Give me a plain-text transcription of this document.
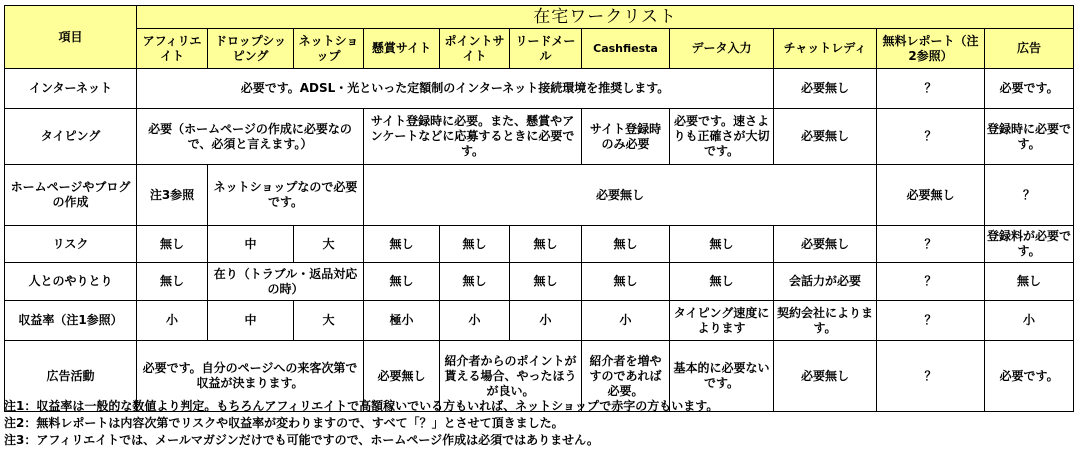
項目	在宅ワークリスト											
	アフィリエイト	ドロップシッピング	ネットショップ	懸賞サイト	ポイントサイト	リードメール	Cashfiesta	データ入力	チャットレディ	無料レポート（注2参照）	広告	
インターネット	必要です。ADSL・光といった定額制のインターネット接続環境を推奨します。								必要無し	？	必要です。	
タイピング	必要（ホームページの作成に必要なので、必須と言えます。）			サイト登録時に必要。また、懸賞やアンケートなどに応募するときに必要です。			サイト登録時のみ必要	必要です。速さよりも正確さが大切です。	必要無し	？	登録時に必要です。	
ホームページやブログの作成	注3参照	ネットショップなので必要です。		必要無し						必要無し	？	
リスク	無し	中	大	無し	無し	無し	無し	無し	必要無し	？	登録料が必要です。	
人とのやりとり	無し	在り（トラブル・返品対応の時）		無し	無し	無し	無し	無し	会話力が必要	？	無し	
収益率（注1参照）	小	中	大	極小	小	小	小	タイピング速度によります	契約会社によります。	？	小	
広告活動	必要です。自分のページへの来客次第で収益が決まります。			必要無し	紹介者からのポイントが貰える場合、やったほうが良い。		紹介者を増やすのであれば必要。	基本的に必要ないです。	必要無し	？	必要です。	
注1：収益率は一般的な数値より判定。もちろんアフィリエイトで高額稼いでいる方もいれば、ネットショップで赤字の方もいます。
注2：無料レポートは内容次第でリスクや収益率が変わりますので、すべて「？」とさせて頂きました。
注3：アフィリエイトでは、メールマガジンだけでも可能ですので、ホームページ作成は必須ではありません。
